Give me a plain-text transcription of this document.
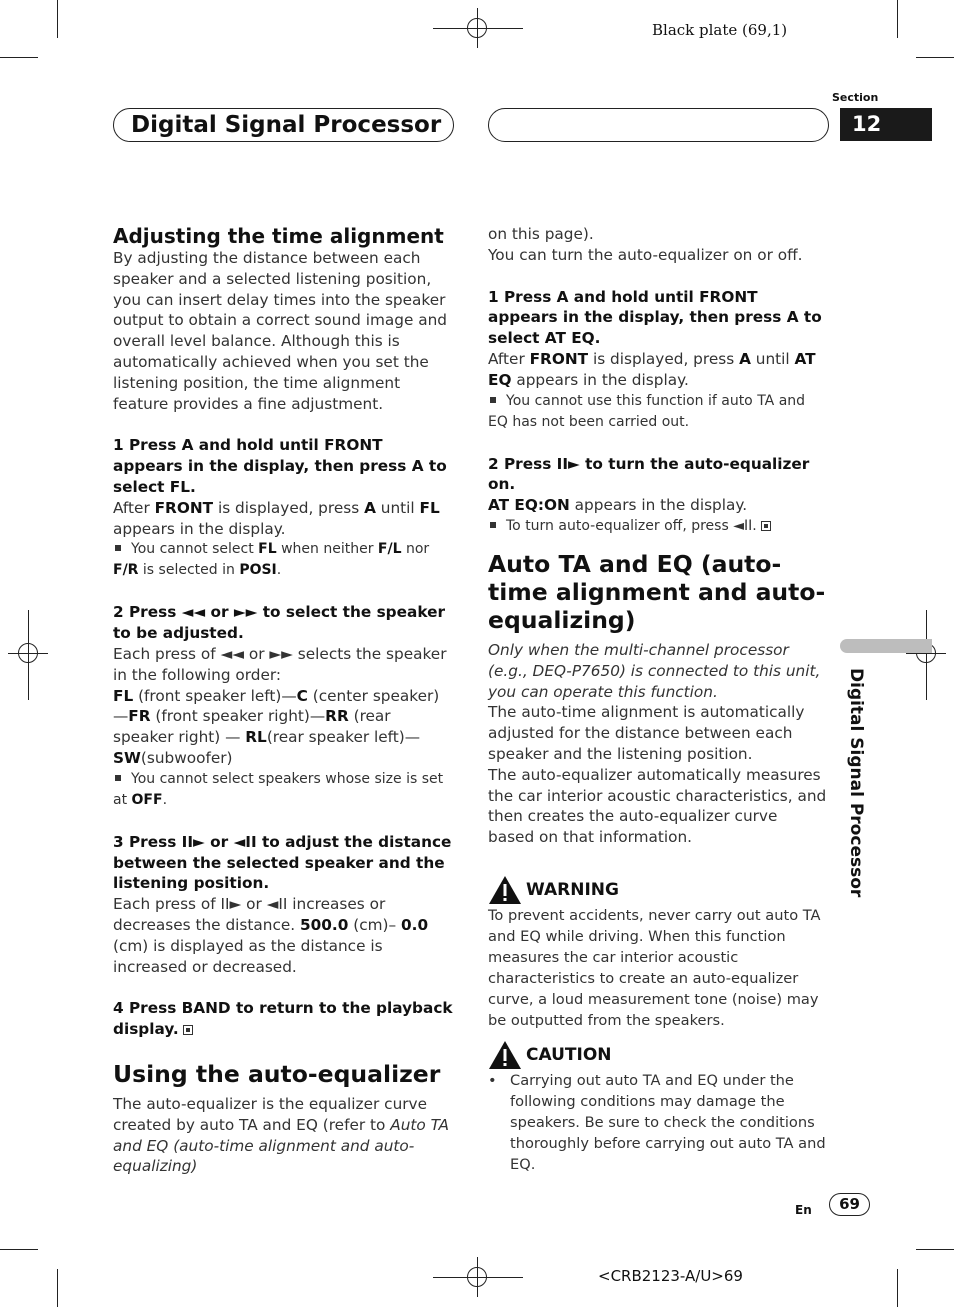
Black plate (69,1)
<CRB2123-A/U>69
Section
12
Digital Signal Processor
Digital Signal Processor

Adjusting the time alignment

By adjusting the distance between each speaker and a selected listening position, you can insert delay times into the speaker output to obtain a correct sound image and overall level balance. Although this is automatically achieved when you set the listening position, the time alignment feature provides a fine adjustment.

1 Press A and hold until FRONT appears in the display, then press A to select FL.

After FRONT is displayed, press A until FL appears in the display.

You cannot select FL when neither F/L nor F/R is selected in POSI.

2 Press ◄◄ or ►► to select the speaker to be adjusted.

Each press of ◄◄ or ►► selects the speaker in the following order:

FL (front speaker left)—C (center speaker)—FR (front speaker right)—RR (rear speaker right) — RL(rear speaker left)— SW(subwoofer)

You cannot select speakers whose size is set at OFF.

3 Press II► or ◄II to adjust the distance between the selected speaker and the listening position.

Each press of II► or ◄II increases or decreases the distance. 500.0 (cm)– 0.0 (cm) is displayed as the distance is increased or decreased.

4 Press BAND to return to the playback display.

Using the auto-equalizer

The auto-equalizer is the equalizer curve created by auto TA and EQ (refer to Auto TA and EQ (auto-time alignment and auto-equalizing)

on this page).

You can turn the auto-equalizer on or off.

1 Press A and hold until FRONT appears in the display, then press A to select AT EQ.

After FRONT is displayed, press A until AT EQ appears in the display.

You cannot use this function if auto TA and EQ has not been carried out.

2 Press II► to turn the auto-equalizer on.

AT EQ:ON appears in the display.

To turn auto-equalizer off, press ◄II.

Auto TA and EQ (auto-time alignment and auto-equalizing)

Only when the multi-channel processor (e.g., DEQ-P7650) is connected to this unit, you can operate this function.

The auto-time alignment is automatically adjusted for the distance between each speaker and the listening position.

The auto-equalizer automatically measures the car interior acoustic characteristics, and then creates the auto-equalizer curve based on that information.

WARNING

To prevent accidents, never carry out auto TA and EQ while driving. When this function measures the car interior acoustic characteristics to create an auto-equalizer curve, a loud measurement tone (noise) may be outputted from the speakers.

CAUTION
• Carrying out auto TA and EQ under the following conditions may damage the speakers. Be sure to check the conditions thoroughly before carrying out auto TA and EQ.
En	69
